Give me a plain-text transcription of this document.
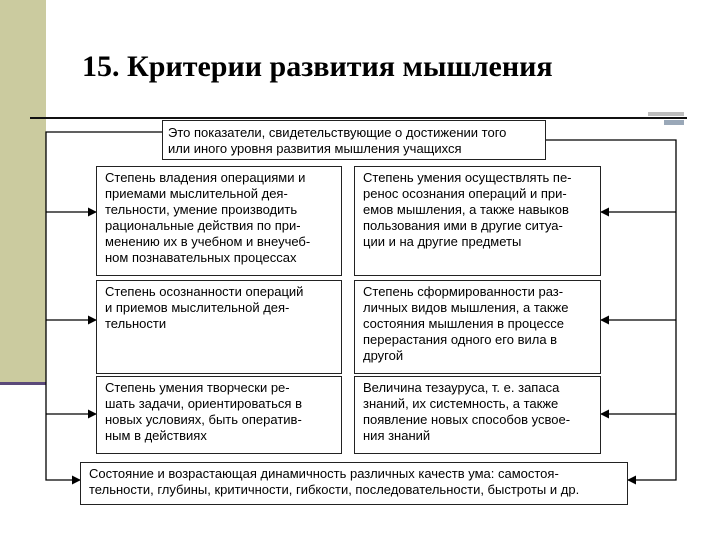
15. Критерии развития мышления
Это показатели, свидетельствующие о достижении того
или иного уровня развития мышления учащихся
Степень владения операциями и
приемами мыслительной дея-
тельности, умение производить
рациональные действия по при-
менению их в учебном и внеучеб-
ном познавательных процессах
Степень умения осуществлять пе-
ренос осознания операций и при-
емов мышления, а также навыков
пользования ими в другие ситуа-
ции и на другие предметы
Степень осознанности операций
и приемов мыслительной дея-
тельности
Степень сформированности раз-
личных видов мышления, а также
состояния мышления в процессе
перерастания одного его вила в
другой
Степень умения творчески ре-
шать задачи, ориентироваться в
новых условиях, быть оператив-
ным в действиях
Величина тезауруса, т. е. запаса
знаний, их системность, а также
появление новых способов усвое-
ния знаний
Состояние и возрастающая динамичность различных качеств ума: самостоя-
тельности, глубины, критичности, гибкости, последовательности, быстроты и др.
